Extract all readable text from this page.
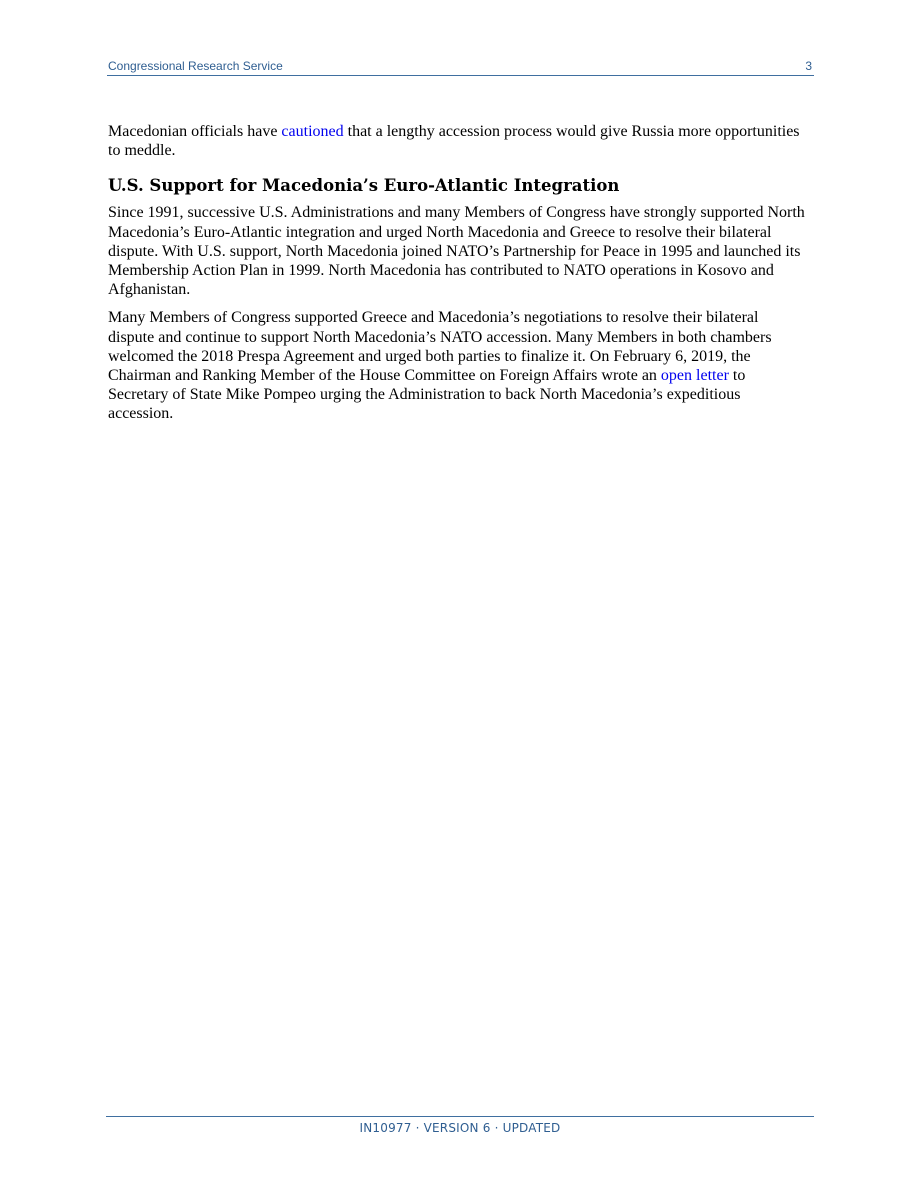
Congressional Research Service	3

Macedonian officials have cautioned that a lengthy accession process would give Russia more opportunities to meddle.

U.S. Support for Macedonia’s Euro-Atlantic Integration

Since 1991, successive U.S. Administrations and many Members of Congress have strongly supported North Macedonia’s Euro-Atlantic integration and urged North Macedonia and Greece to resolve their bilateral dispute. With U.S. support, North Macedonia joined NATO’s Partnership for Peace in 1995 and launched its Membership Action Plan in 1999. North Macedonia has contributed to NATO operations in Kosovo and Afghanistan.

Many Members of Congress supported Greece and Macedonia’s negotiations to resolve their bilateral dispute and continue to support North Macedonia’s NATO accession. Many Members in both chambers welcomed the 2018 Prespa Agreement and urged both parties to finalize it. On February 6, 2019, the Chairman and Ranking Member of the House Committee on Foreign Affairs wrote an open letter to Secretary of State Mike Pompeo urging the Administration to back North Macedonia’s expeditious accession.

IN10977 · VERSION 6 · UPDATED
